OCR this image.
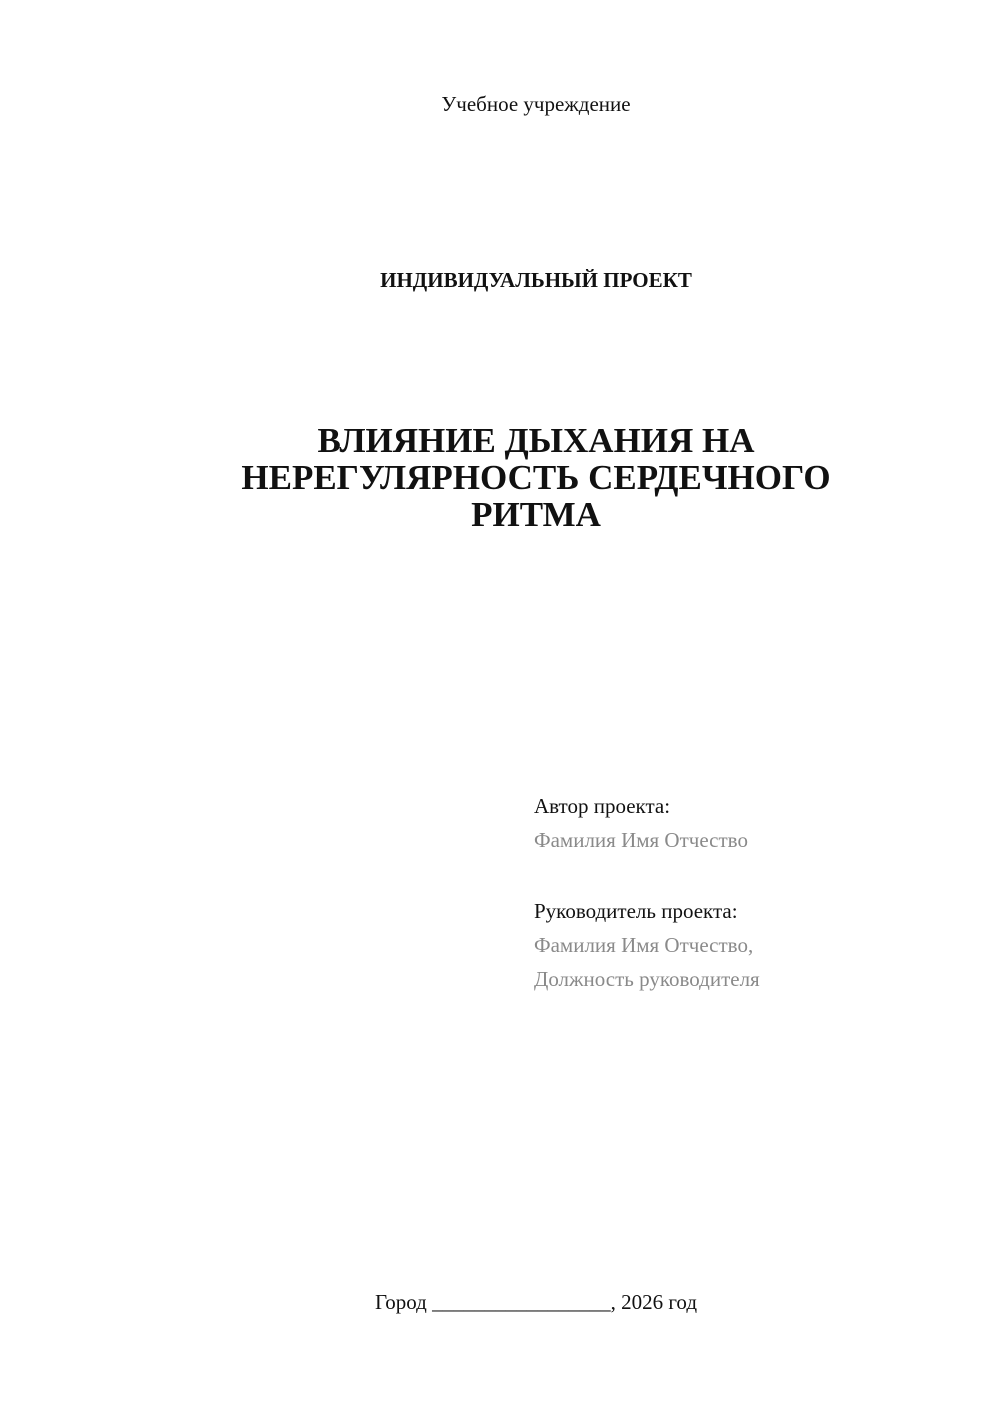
Учебное учреждение
ИНДИВИДУАЛЬНЫЙ ПРОЕКТ
ВЛИЯНИЕ ДЫХАНИЯ НА
НЕРЕГУЛЯРНОСТЬ СЕРДЕЧНОГО
РИТМА
Автор проекта:
Фамилия Имя Отчество
Руководитель проекта:
Фамилия Имя Отчество,
Должность руководителя
Город _________________, 2026 год
